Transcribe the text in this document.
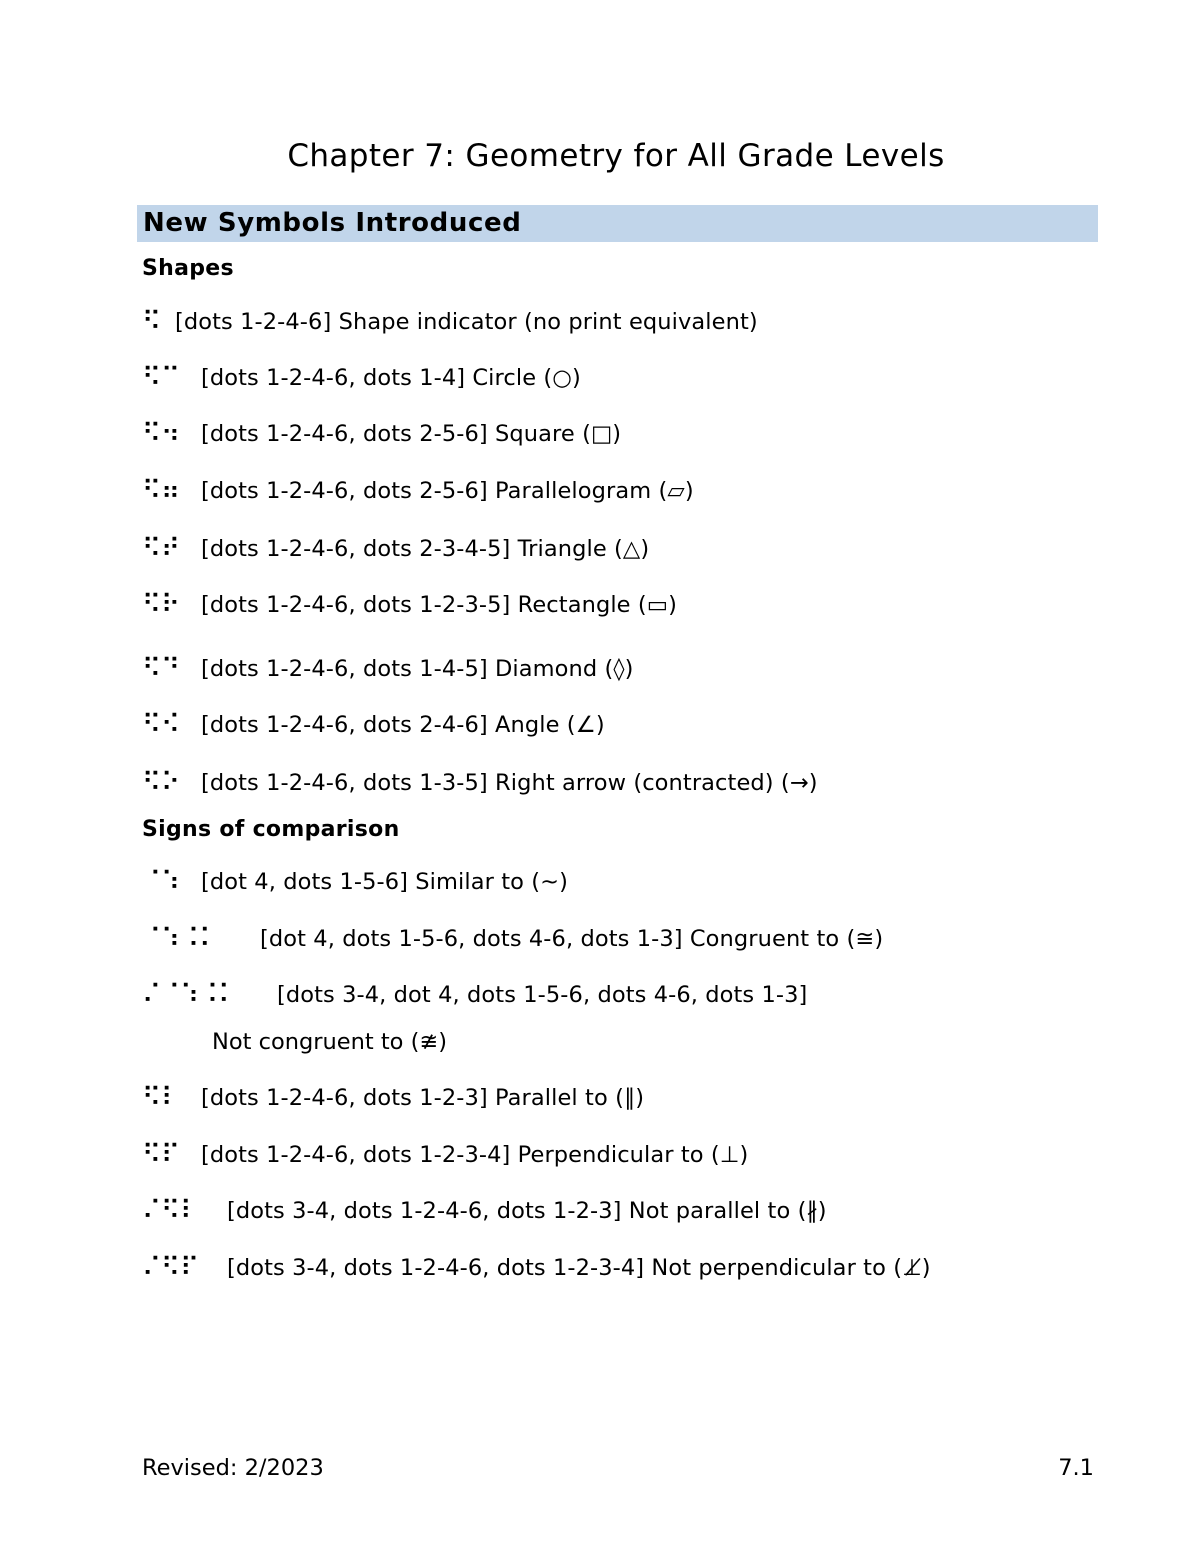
Chapter 7: Geometry for All Grade Levels
New Symbols Introduced
Shapes
⠫ [dots 1-2-4-6] Shape indicator (no print equivalent)
⠫⠉ [dots 1-2-4-6, dots 1-4] Circle (○)
⠫⠲ [dots 1-2-4-6, dots 2-5-6] Square (□)
⠫⠶ [dots 1-2-4-6, dots 2-5-6] Parallelogram (▱)
⠫⠞ [dots 1-2-4-6, dots 2-3-4-5] Triangle (△)
⠫⠗ [dots 1-2-4-6, dots 1-2-3-5] Rectangle (▭)
⠫⠙ [dots 1-2-4-6, dots 1-4-5] Diamond (◊)
⠫⠪ [dots 1-2-4-6, dots 2-4-6] Angle (∠)
⠫⠕ [dots 1-2-4-6, dots 1-3-5] Right arrow (contracted) (→)
Signs of comparison
⠈⠱ [dot 4, dots 1-5-6] Similar to (~)
⠈⠱⠨⠅ [dot 4, dots 1-5-6, dots 4-6, dots 1-3] Congruent to (≅)
⠌⠈⠱⠨⠅ [dots 3-4, dot 4, dots 1-5-6, dots 4-6, dots 1-3]
Not congruent to (≇)
⠫⠇ [dots 1-2-4-6, dots 1-2-3] Parallel to (∥)
⠫⠏ [dots 1-2-4-6, dots 1-2-3-4] Perpendicular to (⊥)
⠌⠫⠇ [dots 3-4, dots 1-2-4-6, dots 1-2-3] Not parallel to (∦)
⠌⠫⠏ [dots 3-4, dots 1-2-4-6, dots 1-2-3-4] Not perpendicular to (⊥̸)
Revised: 2/2023	7.1
